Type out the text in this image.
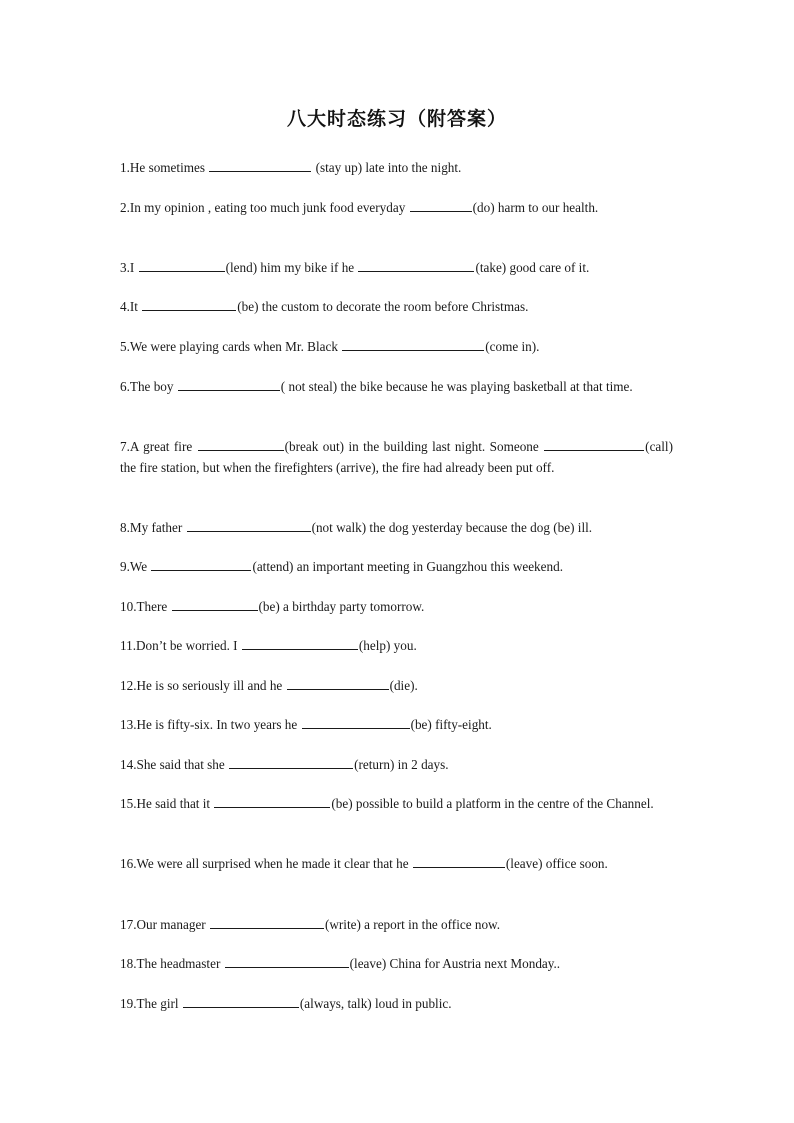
八大时态练习（附答案）
1.He sometimes	(stay up) late into the night.
2.In my opinion , eating too much junk food everyday	(do) harm to our health.
3.I	(lend) him my bike if he	(take) good care of it.
4.It	(be) the custom to decorate the room before Christmas.
5.We were playing cards when Mr. Black	(come in).
6.The boy	( not steal) the bike because he was playing basketball at that time.
7.A great fire	(break out) in the building last night. Someone	(call) the fire station, but when the firefighters (arrive), the fire had already been put off.
8.My father	(not walk) the dog yesterday because the dog (be) ill.
9.We	(attend) an important meeting in Guangzhou this weekend.
10.There	(be) a birthday party tomorrow.
11.Don’t be worried. I	(help) you.
12.He is so seriously ill and he	(die).
13.He is fifty-six. In two years he	(be) fifty-eight.
14.She said that she	(return) in 2 days.
15.He said that it	(be) possible to build a platform in the centre of the Channel.
16.We were all surprised when he made it clear that he	(leave) office soon.
17.Our manager	(write) a report in the office now.
18.The headmaster	(leave) China for Austria next Monday..
19.The girl	(always, talk) loud in public.
